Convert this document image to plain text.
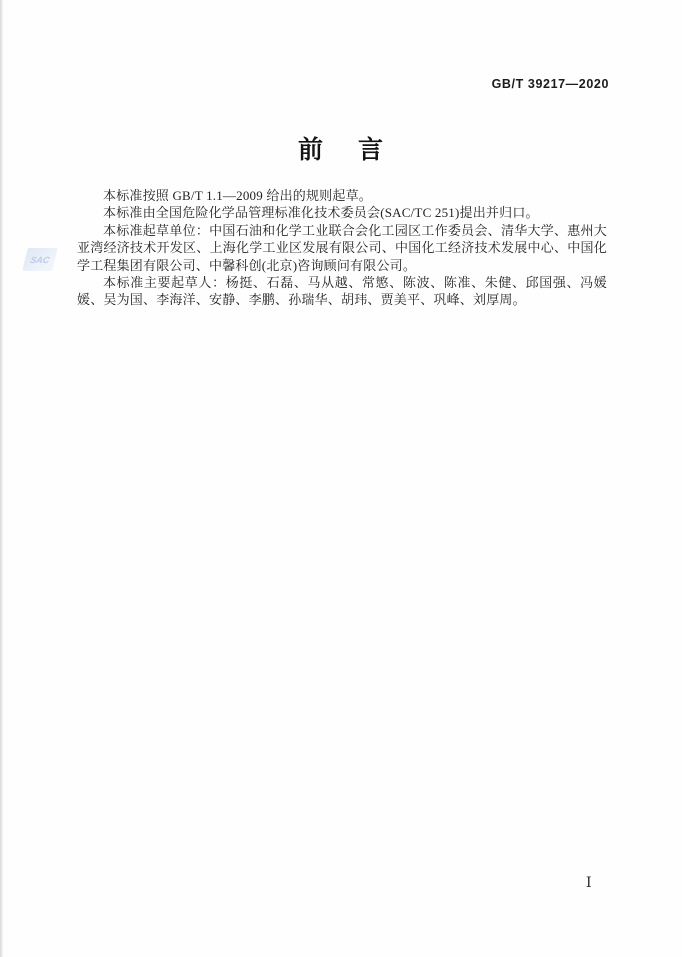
GB/T 39217—2020
前 言

本标准按照 GB/T 1.1—2009 给出的规则起草。

本标准由全国危险化学品管理标准化技术委员会(SAC/TC 251)提出并归口。

本标准起草单位：中国石油和化学工业联合会化工园区工作委员会、清华大学、惠州大亚湾经济技术开发区、上海化学工业区发展有限公司、中国化工经济技术发展中心、中国化学工程集团有限公司、中馨科创(北京)咨询顾问有限公司。

本标准主要起草人：杨挺、石磊、马从越、常慜、陈波、陈准、朱健、邱国强、冯媛媛、吴为国、李海洋、安静、李鹏、孙瑞华、胡玮、贾美平、巩峰、刘厚周。

SAC
Ⅰ
